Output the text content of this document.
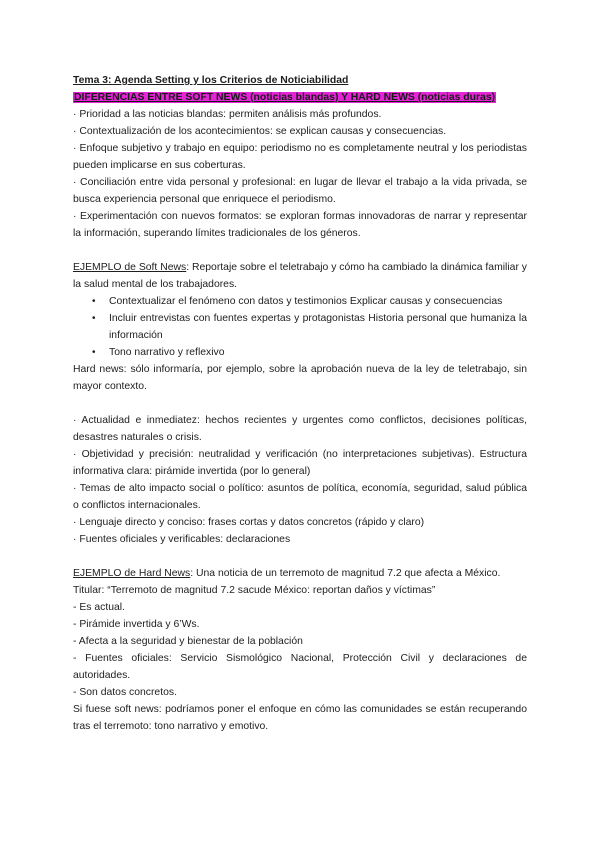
Tema 3: Agenda Setting y los Criterios de Noticiabilidad

DIFERENCIAS ENTRE SOFT NEWS (noticias blandas) Y HARD NEWS (noticias duras)

· Prioridad a las noticias blandas: permiten análisis más profundos.

· Contextualización de los acontecimientos: se explican causas y consecuencias.

· Enfoque subjetivo y trabajo en equipo: periodismo no es completamente neutral y los periodistas pueden implicarse en sus coberturas.

· Conciliación entre vida personal y profesional: en lugar de llevar el trabajo a la vida privada, se busca experiencia personal que enriquece el periodismo.

· Experimentación con nuevos formatos: se exploran formas innovadoras de narrar y representar la información, superando límites tradicionales de los géneros.

EJEMPLO de Soft News: Reportaje sobre el teletrabajo y cómo ha cambiado la dinámica familiar y la salud mental de los trabajadores.

• Contextualizar el fenómeno con datos y testimonios Explicar causas y consecuencias
• Incluir entrevistas con fuentes expertas y protagonistas Historia personal que humaniza la información
• Tono narrativo y reflexivo

Hard news: sólo informaría, por ejemplo, sobre la aprobación nueva de la ley de teletrabajo, sin mayor contexto.

· Actualidad e inmediatez: hechos recientes y urgentes como conflictos, decisiones políticas, desastres naturales o crisis.

· Objetividad y precisión: neutralidad y verificación (no interpretaciones subjetivas). Estructura informativa clara: pirámide invertida (por lo general)

· Temas de alto impacto social o político: asuntos de política, economía, seguridad, salud pública o conflictos internacionales.

· Lenguaje directo y conciso: frases cortas y datos concretos (rápido y claro)

· Fuentes oficiales y verificables: declaraciones

EJEMPLO de Hard News: Una noticia de un terremoto de magnitud 7.2 que afecta a México.

Titular: “Terremoto de magnitud 7.2 sacude México: reportan daños y víctimas”

- Es actual.

- Pirámide invertida y 6’Ws.

- Afecta a la seguridad y bienestar de la población

- Fuentes oficiales: Servicio Sismológico Nacional, Protección Civil y declaraciones de autoridades.

- Son datos concretos.

Si fuese soft news: podríamos poner el enfoque en cómo las comunidades se están recuperando tras el terremoto: tono narrativo y emotivo.
